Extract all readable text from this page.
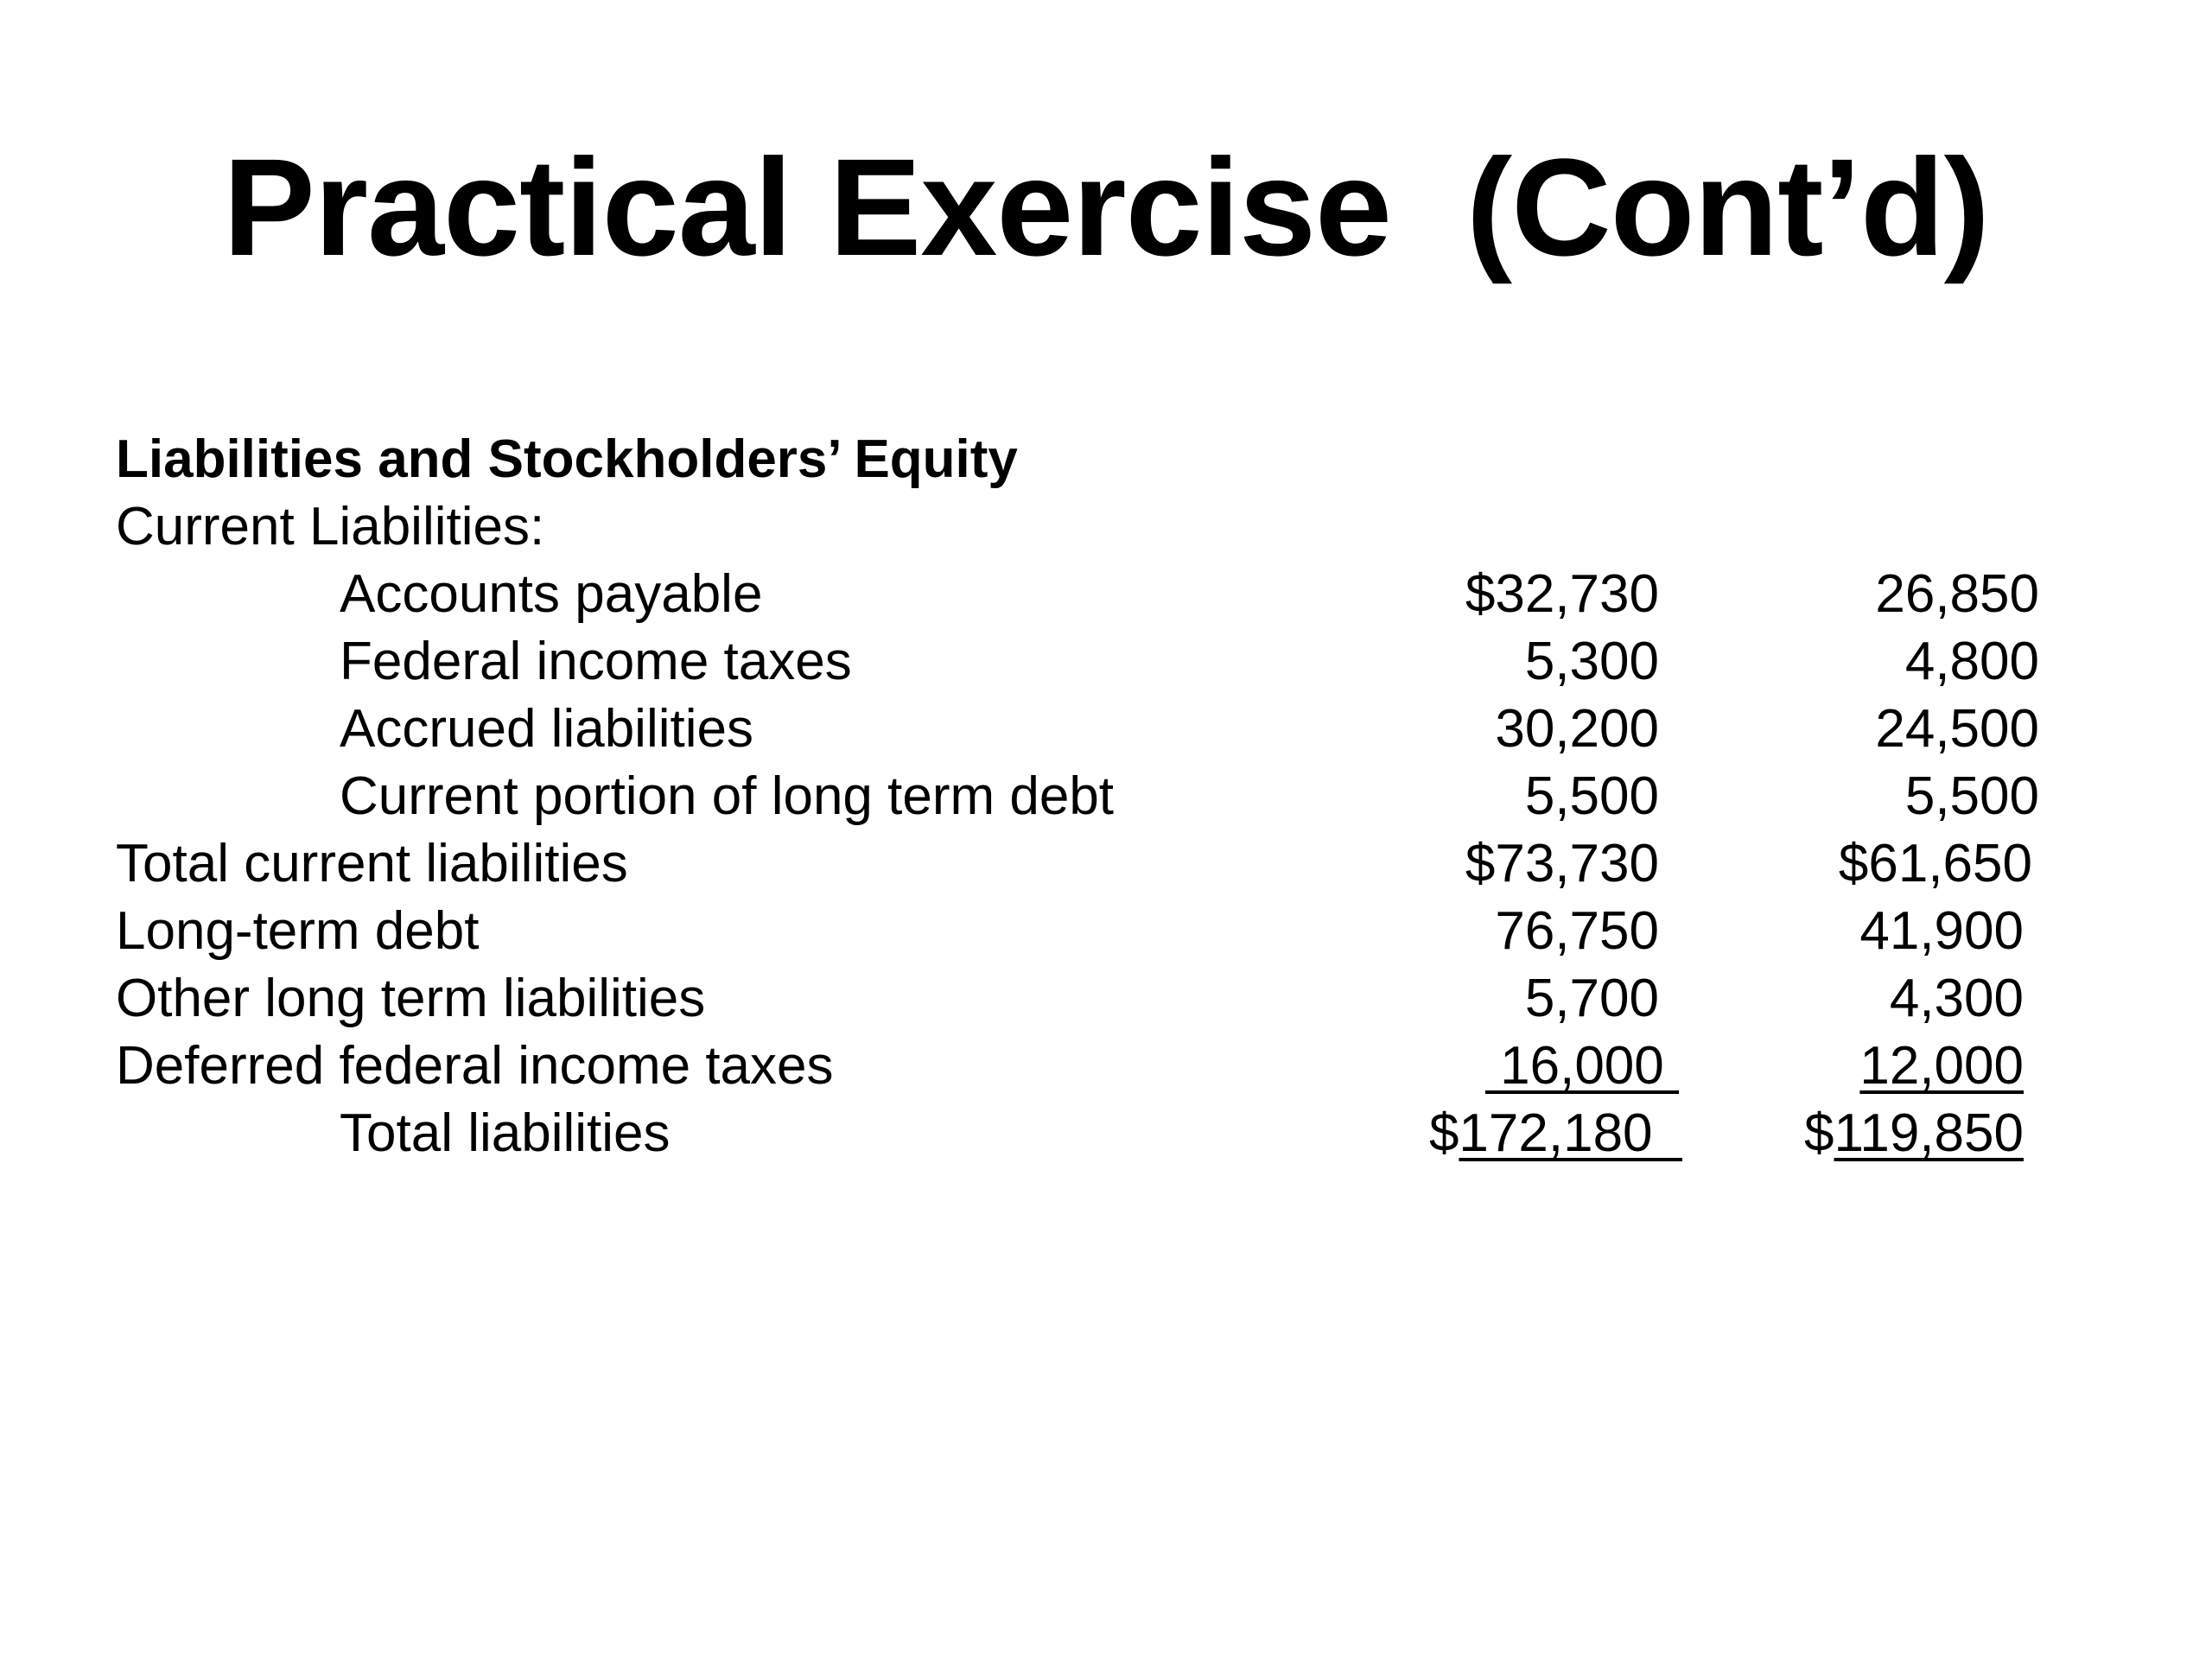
Practical Exercise  (Cont’d)
Liabilities and Stockholders’ Equity
Current Liabilities:
Accounts payable	$32,730	26,850
Federal income taxes	5,300	4,800
Accrued liabilities	30,200	24,500
Current portion of long term debt	5,500	5,500
Total current liabilities	$73,730	$61,650
Long-term debt	76,750	41,900
Other long term liabilities	5,700	4,300
Deferred federal income taxes	16,000	12,000
Total liabilities	$172,180 $119,850
